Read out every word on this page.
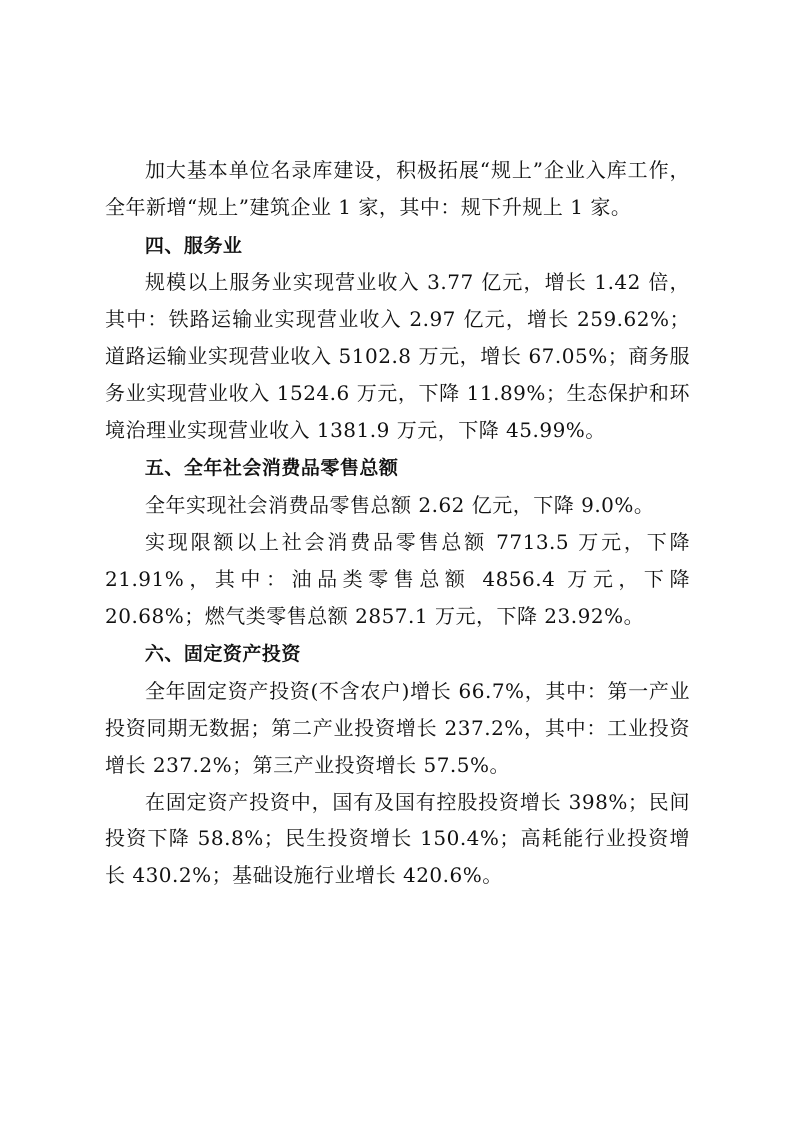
加大基本单位名录库建设，积极拓展“规上”企业入库工作，全年新增“规上”建筑企业 1 家，其中：规下升规上 1 家。

四、服务业

规模以上服务业实现营业收入 3.77 亿元，增长 1.42 倍，其中：铁路运输业实现营业收入 2.97 亿元，增长 259.62%；道路运输业实现营业收入 5102.8 万元，增长 67.05%；商务服务业实现营业收入 1524.6 万元，下降 11.89%；生态保护和环境治理业实现营业收入 1381.9 万元，下降 45.99%。

五、全年社会消费品零售总额

全年实现社会消费品零售总额 2.62 亿元，下降 9.0%。

实现限额以上社会消费品零售总额 7713.5 万元，下降 21.91%，其中：油品类零售总额 4856.4 万元，下降 20.68%；燃气类零售总额 2857.1 万元，下降 23.92%。

六、固定资产投资

全年固定资产投资(不含农户)增长 66.7%，其中：第一产业投资同期无数据；第二产业投资增长 237.2%，其中：工业投资增长 237.2%；第三产业投资增长 57.5%。

在固定资产投资中，国有及国有控股投资增长 398%；民间投资下降 58.8%；民生投资增长 150.4%；高耗能行业投资增长 430.2%；基础设施行业增长 420.6%。
